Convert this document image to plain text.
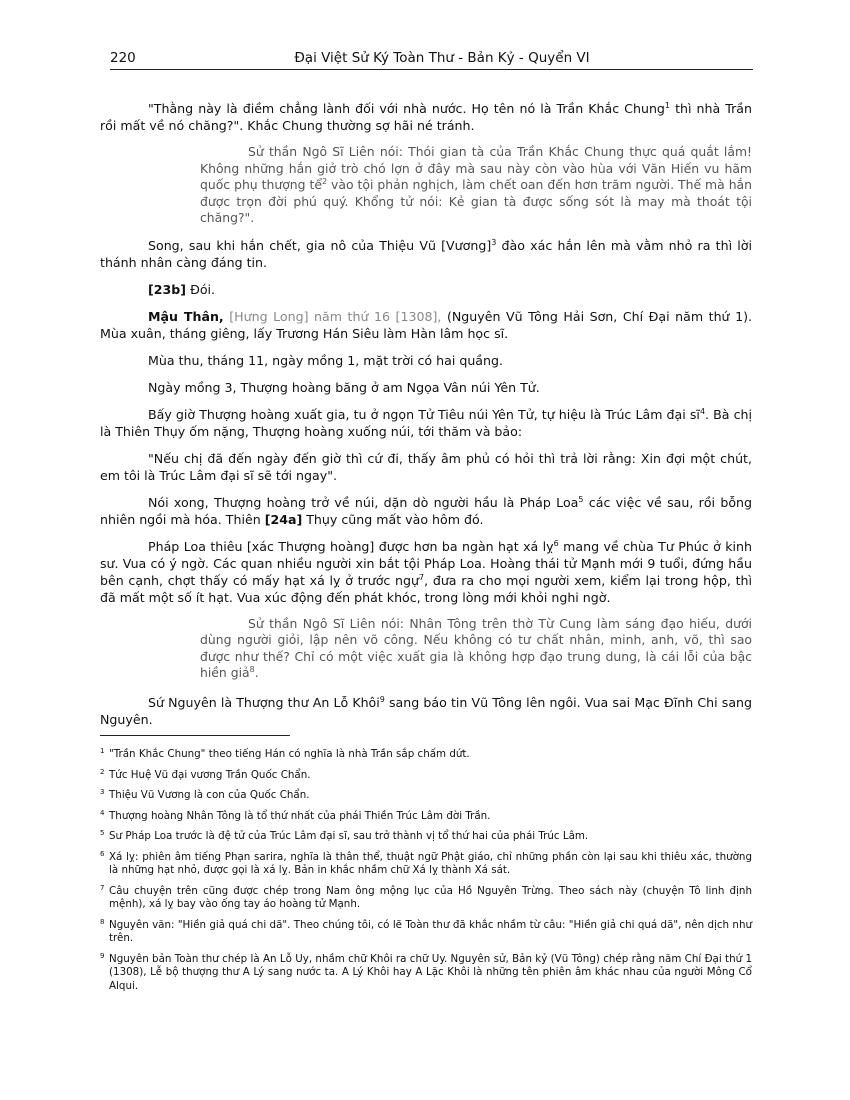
220	Đại Việt Sử Ký Toàn Thư - Bản Kỷ - Quyển VI

"Thằng này là điềm chẳng lành đối với nhà nước. Họ tên nó là Trần Khắc Chung$^1$ thì nhà Trần rồi mất về nó chăng?". Khắc Chung thường sợ hãi né tránh.

Sử thần Ngô Sĩ Liên nói: Thói gian tà của Trần Khắc Chung thực quá quắt lắm! Không những hắn giở trò chó lợn ở đây mà sau này còn vào hùa với Văn Hiến vu hãm quốc phụ thượng tể$^2$ vào tội phản nghịch, làm chết oan đến hơn trăm người. Thế mà hắn được trọn đời phú quý. Khổng tử nói: Kẻ gian tà được sống sót là may mà thoát tội chăng?".

Song, sau khi hắn chết, gia nô của Thiệu Vũ [Vương]$^3$ đào xác hắn lên mà vằm nhỏ ra thì lời thánh nhân càng đáng tin.

[23b] Đói.

Mậu Thân, [Hưng Long] năm thứ 16 [1308], (Nguyên Vũ Tông Hải Sơn, Chí Đại năm thứ 1). Mùa xuân, tháng giêng, lấy Trương Hán Siêu làm Hàn lâm học sĩ.

Mùa thu, tháng 11, ngày mồng 1, mặt trời có hai quầng.

Ngày mồng 3, Thượng hoàng băng ở am Ngọa Vân núi Yên Tử.

Bấy giờ Thượng hoàng xuất gia, tu ở ngọn Tử Tiêu núi Yên Tử, tự hiệu là Trúc Lâm đại $sĩ^4$. Bà chị là Thiên Thụy ốm nặng, Thượng hoàng xuống núi, tới thăm và bảo:

"Nếu chị đã đến ngày đến giờ thì cứ đi, thấy âm phủ có hỏi thì trả lời rằng: Xin đợi một chút, em tôi là Trúc Lâm đại sĩ sẽ tới ngay".

Nói xong, Thượng hoàng trở về núi, dặn dò người hầu là Pháp Loa$^5$ các việc về sau, rồi bỗng nhiên ngồi mà hóa. Thiên [24a] Thụy cũng mất vào hôm đó.

Pháp Loa thiêu [xác Thượng hoàng] được hơn ba ngàn hạt xá lỵ$^6$ mang về chùa Tư Phúc ở kinh sư. Vua có ý ngờ. Các quan nhiều người xin bắt tội Pháp Loa. Hoàng thái tử Mạnh mới 9 tuổi, đứng hầu bên cạnh, chợt thấy có mấy hạt xá lỵ ở trước ngự$^7$, đưa ra cho mọi người xem, kiểm lại trong hộp, thì đã mất một số ít hạt. Vua xúc động đến phát khóc, trong lòng mới khỏi nghi ngờ.

Sử thần Ngô Sĩ Liên nói: Nhân Tông trên thờ Từ Cung làm sáng đạo hiếu, dưới dùng người giỏi, lập nên võ công. Nếu không có tư chất nhân, minh, anh, võ, thì sao được như thế? Chỉ có một việc xuất gia là không hợp đạo trung dung, là cái lỗi của bậc hiền giả$^8$.

Sứ Nguyên là Thượng thư An Lỗ Khôi$^9$ sang báo tin Vũ Tông lên ngôi. Vua sai Mạc Đĩnh Chi sang Nguyên.

1 "Trần Khắc Chung" theo tiếng Hán có nghĩa là nhà Trần sắp chấm dứt.
2 Tức Huệ Vũ đại vương Trần Quốc Chẩn.
3 Thiệu Vũ Vương là con của Quốc Chẩn.
4 Thượng hoàng Nhân Tông là tổ thứ nhất của phái Thiền Trúc Lâm đời Trần.
5 Sư Pháp Loa trước là đệ tử của Trúc Lâm đại sĩ, sau trở thành vị tổ thứ hai của phái Trúc Lâm.
6 Xá lỵ: phiên âm tiếng Phạn sarira, nghĩa là thân thể, thuật ngữ Phật giáo, chỉ những phần còn lại sau khi thiêu xác, thường là những hạt nhỏ, được gọi là xá lỵ. Bản in khắc nhầm chữ Xá lỵ thành Xá sát.
7 Câu chuyện trên cũng được chép trong Nam ông mộng lục của Hồ Nguyên Trừng. Theo sách này (chuyện Tô linh định mệnh), xá lỵ bay vào ống tay áo hoàng tử Mạnh.
8 Nguyên văn: "Hiền giả quá chi dã". Theo chúng tôi, có lẽ Toàn thư đã khắc nhầm từ câu: "Hiền giả chi quá dã", nên dịch như trên.
9 Nguyên bản Toàn thư chép là An Lỗ Uy, nhầm chữ Khôi ra chữ Uy. Nguyên sử, Bản kỷ (Vũ Tông) chép rằng năm Chí Đại thứ 1 (1308), Lễ bộ thượng thư A Lý sang nước ta. A Lý Khôi hay A Lặc Khôi là những tên phiên âm khác nhau của người Mông Cổ Alqui.
